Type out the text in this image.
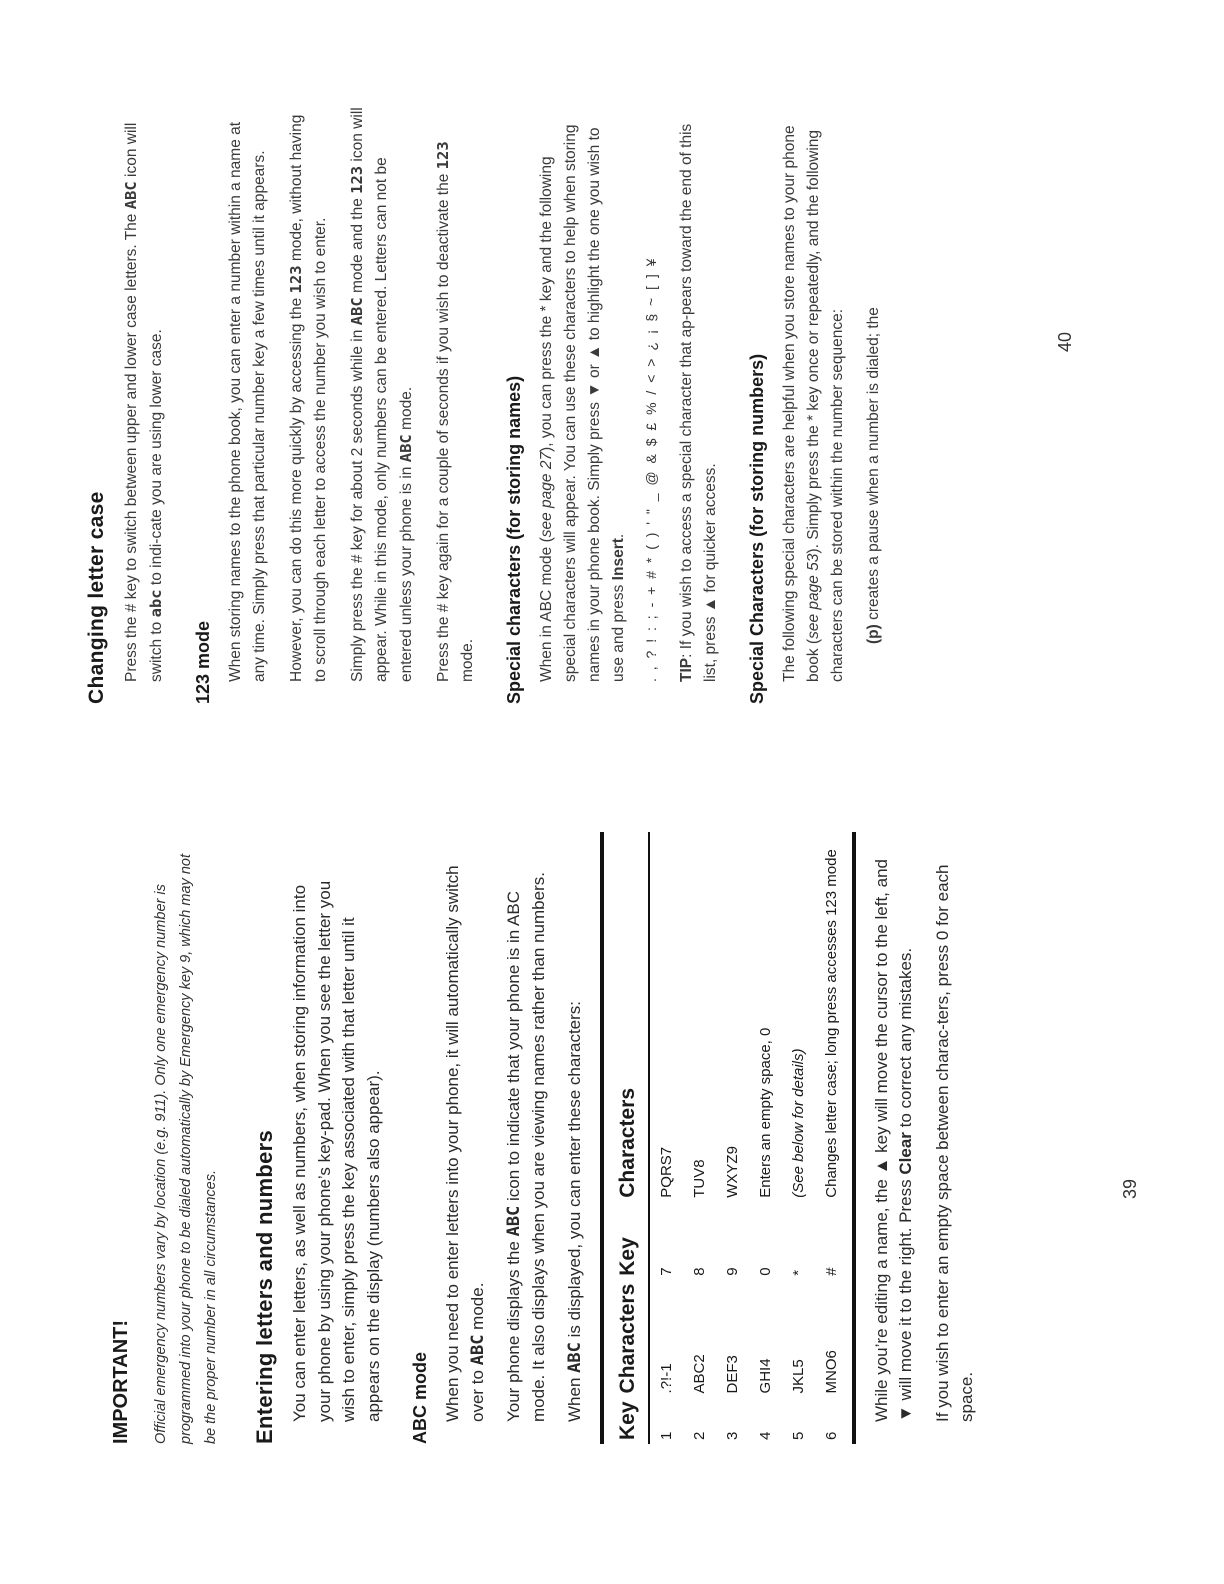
IMPORTANT! Official emergency numbers vary by location (e.g. 911). Only one emergency number is programmed into your phone to be dialed automatically by Emergency key 9, which may not be the proper number in all circumstances. Entering letters and numbers You can enter letters, as well as numbers, when storing information into your phone by using your phone’s key-pad. When you see the letter you wish to enter, simply press the key associated with that letter until it appears on the display (numbers also appear). ABC mode When you need to enter letters into your phone, it will automatically switch over to ABC mode. Your phone displays the ABC icon to indicate that your phone is in ABC mode. It also displays when you are viewing names rather than numbers. When ABC is displayed, you can enter these characters:

Key	Characters	Key	Characters
1	.?!-1	7	PQRS7
2	ABC2	8	TUV8
3	DEF3	9	WXYZ9
4	GHI4	0	Enters an empty space, 0
5	JKL5	*	(See below for details)
6	MNO6	#	Changes letter case; long press accesses 123 mode While you’re editing a name, the ▲ key will move the cursor to the left, and ▼ will move it to the right. Press Clear to correct any mistakes. If you wish to enter an empty space between charac-ters, press 0 for each space.

39
Changing letter case Press the # key to switch between upper and lower case letters. The ABC icon will switch to abc to indi-cate you are using lower case.

123 mode When storing names to the phone book, you can enter a number within a name at any time. Simply press that particular number key a few times until it appears. However, you can do this more quickly by accessing the 123 mode, without having to scroll through each letter to access the number you wish to enter. Simply press the # key for about 2 seconds while in ABC mode and the 123 icon will appear. While in this mode, only numbers can be entered. Letters can not be entered unless your phone is in ABC mode. Press the # key again for a couple of seconds if you wish to deactivate the 123 mode. Special characters (for storing names) When in ABC mode (see page 27), you can press the * key and the following special characters will appear. You can use these characters to help when storing names in your phone book. Simply press ▼ or ▲ to highlight the one you wish to use and press Insert. . , ? ! : ; - + # * ( ) ' " _ @ & $ £ % / < > ¿ ¡ § ~ [ ] ¥ TIP: If you wish to access a special character that ap-pears toward the end of this list, press ▲ for quicker access. Special Characters (for storing numbers) The following special characters are helpful when you store names to your phone book (see page 53). Simply press the * key once or repeatedly, and the following characters can be stored within the number sequence: (p) creates a pause when a number is dialed; the	40
